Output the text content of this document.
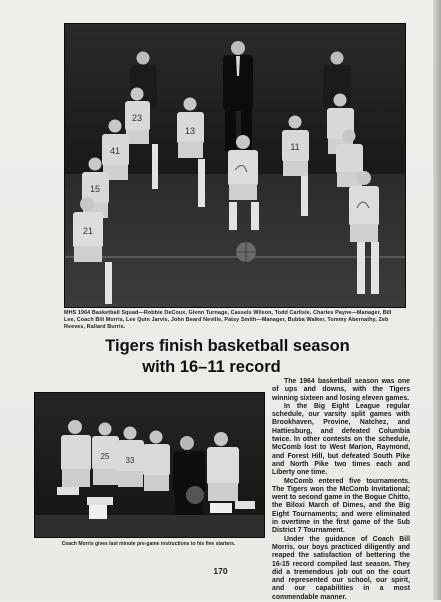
23
13
11
41
15
21
MHS 1964 Basketball Squad—Robbie DeCoux, Glenn Turnage, Cassels Wilson, Todd Carlisle, Charles Payne—Manager, Bill Lee, Coach Bill Morris, Lee Quin Jarvis, John Beard Neville, Patsy Smith—Manager, Bubba Walker, Tommy Abernathy, Zeb Reeves, Rallard Burris.
Tigers finish basketball season
with 16–11 record
25 33
Coach Morris gives last minute pre-game instructions to his five starters.

The 1964 basketball season was one of ups and downs, with the Tigers winning sixteen and losing eleven games.

In the Big Eight League regular schedule, our varsity split games with Brookhaven, Provine, Natchez, and Hattiesburg, and defeated Columbia twice. In other contests on the schedule, McComb lost to West Marion, Raymond, and Forest Hill, but defeated South Pike and North Pike two times each and Liberty one time.

McComb entered five tournaments. The Tigers won the McComb Invitational; went to second game in the Bogue Chitto, the Biloxi March of Dimes, and the Big Eight Tournaments; and were eliminated in overtime in the first game of the Sub District 7 Tournament.

Under the guidance of Coach Bill Morris, our boys practiced diligently and reaped the satisfaction of bettering the 16-15 record compiled last season. They did a tremendous job out on the court and represented our school, our spirit, and our capabilities in a most commendable manner.

170
